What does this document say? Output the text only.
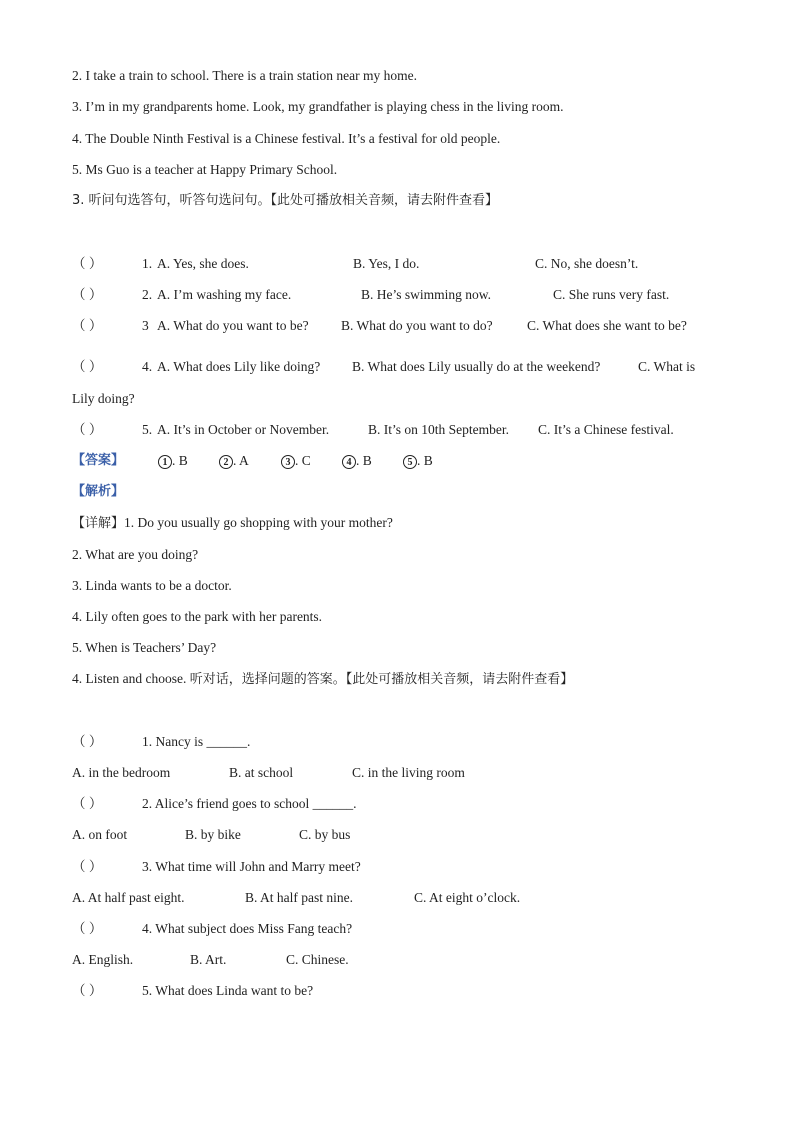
2. I take a train to school. There is a train station near my home.
3. I’m in my grandparents home. Look, my grandfather is playing chess in the living room.
4. The Double Ninth Festival is a Chinese festival. It’s a festival for old people.
5. Ms Guo is a teacher at Happy Primary School.
3. 听问句选答句，听答句选问句。【此处可播放相关音频，请去附件查看】
（ ）	1. A. Yes, she does.	B. Yes, I do.	C. No, she doesn’t.
（ ）	2. A. I’m washing my face.	B. He’s swimming now.	C. She runs very fast.
（ ）	3 A. What do you want to be? B. What do you want to do?	C. What does she want to be?
（ ）	4. A. What does Lily like doing? B. What does Lily usually do at the weekend?	C. What is
Lily doing?
（ ）	5. A. It’s in October or November.	B. It’s on 10th September. C. It’s a Chinese festival.
【答案】	1 . B	2 . A	3 . C	4 . B	5 . B
【解析】
【详解】1. Do you usually go shopping with your mother?
2. What are you doing?
3. Linda wants to be a doctor.
4. Lily often goes to the park with her parents.
5. When is Teachers’ Day?
4. Listen and choose. 听对话，选择问题的答案。【此处可播放相关音频，请去附件查看】
（ ）	1. Nancy is ______.
A. in the bedroom	B. at school	C. in the living room
（ ）	2. Alice’s friend goes to school ______.
A. on foot	B. by bike	C. by bus
（ ）	3. What time will John and Marry meet?
A. At half past eight.	B. At half past nine.	C. At eight o’clock.
（ ）	4. What subject does Miss Fang teach?
A. English.	B. Art.	C. Chinese.
（ ）	5. What does Linda want to be?
